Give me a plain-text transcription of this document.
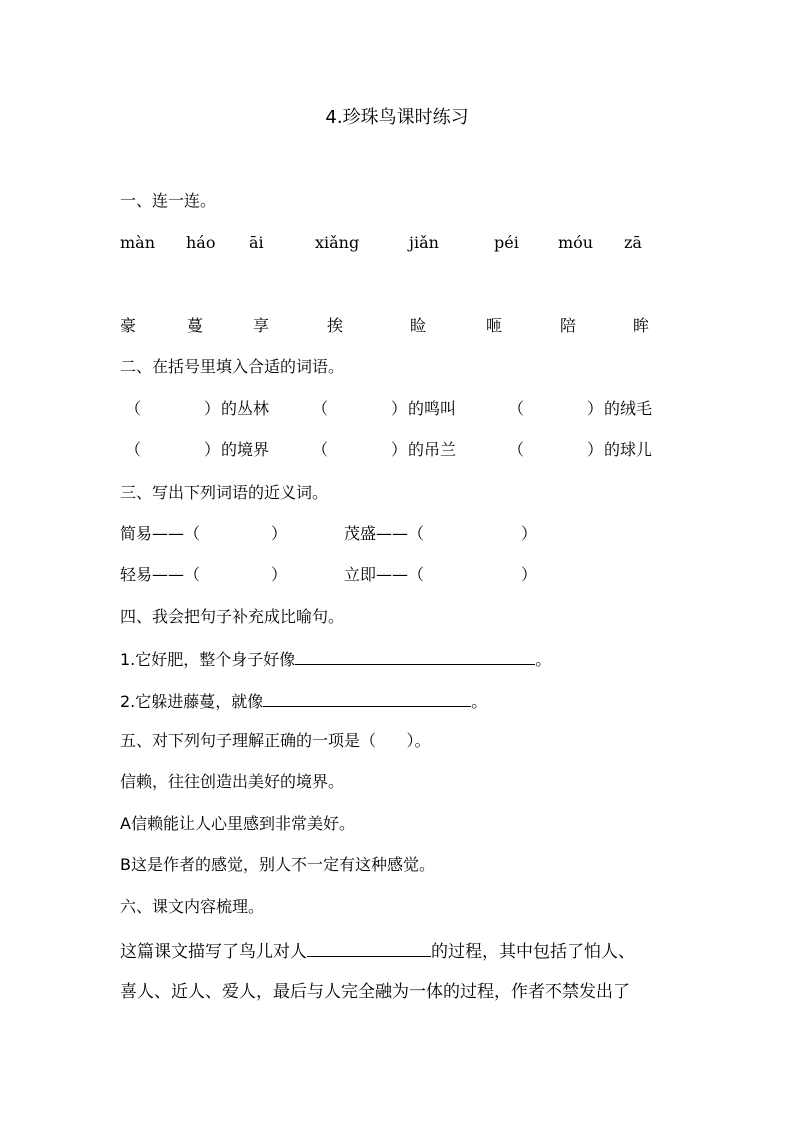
4.珍珠鸟课时练习
一、连一连。
màn háo āi	xiǎng	jiǎn	péi móu zā
豪	蔓	享	挨	睑	咂	陪	眸
二、在括号里填入合适的词语。
（	） 的丛林	（	） 的鸣叫	（	） 的绒毛
（	） 的境界	（	） 的吊兰	（	） 的球儿
三、写出下列词语的近义词。
简易——（	）	茂盛——（	）
轻易——（	）	立即——（	）
四、我会把句子补充成比喻句。
1.它好肥，整个身子好像	。
2.它躲进藤蔓，就像	。
五、对下列句子理解正确的一项是（      ）。
信赖，往往创造出美好的境界。
A信赖能让人心里感到非常美好。
B这是作者的感觉，别人不一定有这种感觉。
六、课文内容梳理。
这篇课文描写了鸟儿对人	的过程，其中包括了怕人、
喜人、近人、爱人，最后与人完全融为一体的过程，作者不禁发出了
